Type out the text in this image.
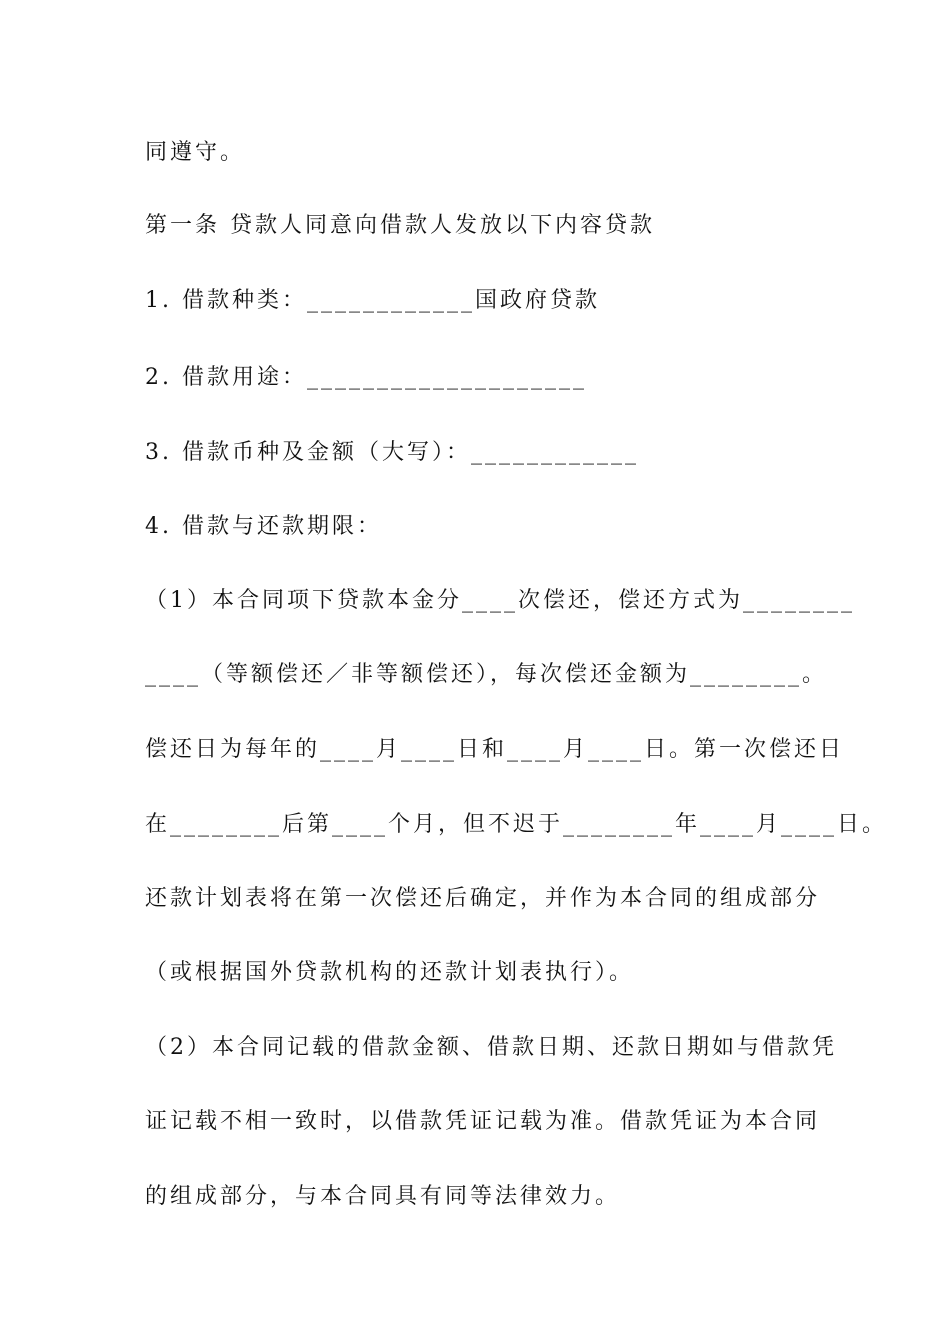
同遵守。
第一条 贷款人同意向借款人发放以下内容贷款
1. 借款种类：____________国政府贷款
2. 借款用途：____________________
3. 借款币种及金额（大写）：____________
4. 借款与还款期限：
（1）本合同项下贷款本金分____次偿还，偿还方式为________
____（等额偿还／非等额偿还），每次偿还金额为________。
偿还日为每年的____月____日和____月____日。第一次偿还日
在________后第____个月，但不迟于________年____月____日。
还款计划表将在第一次偿还后确定，并作为本合同的组成部分
（或根据国外贷款机构的还款计划表执行）。
（2）本合同记载的借款金额、借款日期、还款日期如与借款凭
证记载不相一致时，以借款凭证记载为准。借款凭证为本合同
的组成部分，与本合同具有同等法律效力。
